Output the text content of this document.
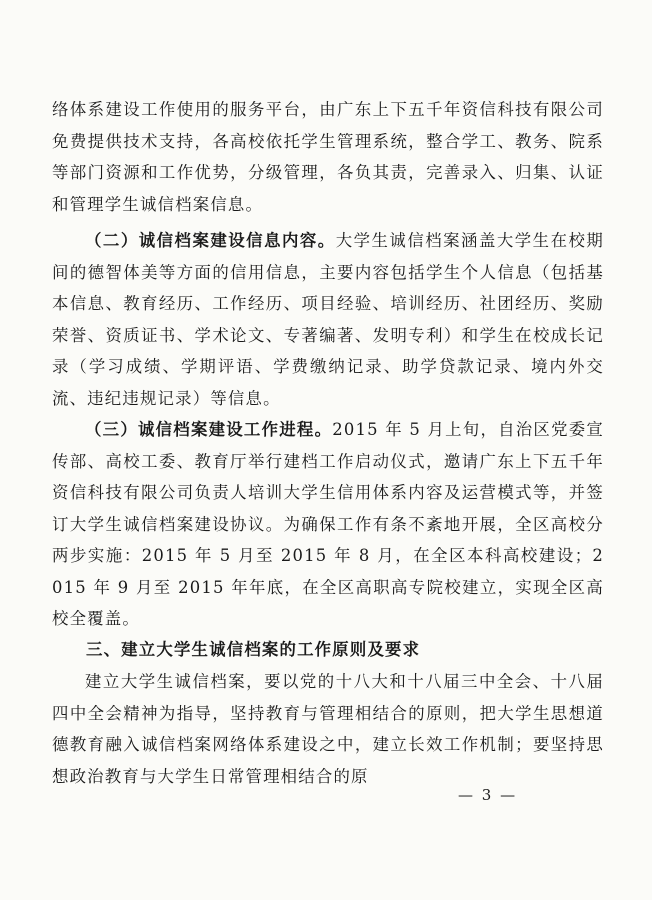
络体系建设工作使用的服务平台，由广东上下五千年资信科技有限公司免费提供技术支持，各高校依托学生管理系统，整合学工、教务、院系等部门资源和工作优势，分级管理，各负其责，完善录入、归集、认证和管理学生诚信档案信息。

（二）诚信档案建设信息内容。大学生诚信档案涵盖大学生在校期间的德智体美等方面的信用信息，主要内容包括学生个人信息（包括基本信息、教育经历、工作经历、项目经验、培训经历、社团经历、奖励荣誉、资质证书、学术论文、专著编著、发明专利）和学生在校成长记录（学习成绩、学期评语、学费缴纳记录、助学贷款记录、境内外交流、违纪违规记录）等信息。

（三）诚信档案建设工作进程。2015 年 5 月上旬，自治区党委宣传部、高校工委、教育厅举行建档工作启动仪式，邀请广东上下五千年资信科技有限公司负责人培训大学生信用体系内容及运营模式等，并签订大学生诚信档案建设协议。为确保工作有条不紊地开展，全区高校分两步实施：2015 年 5 月至 2015 年 8 月，在全区本科高校建设；2015 年 9 月至 2015 年年底，在全区高职高专院校建立，实现全区高校全覆盖。

三、建立大学生诚信档案的工作原则及要求

建立大学生诚信档案，要以党的十八大和十八届三中全会、十八届四中全会精神为指导，坚持教育与管理相结合的原则，把大学生思想道德教育融入诚信档案网络体系建设之中，建立长效工作机制；要坚持思想政治教育与大学生日常管理相结合的原

— 3 —
